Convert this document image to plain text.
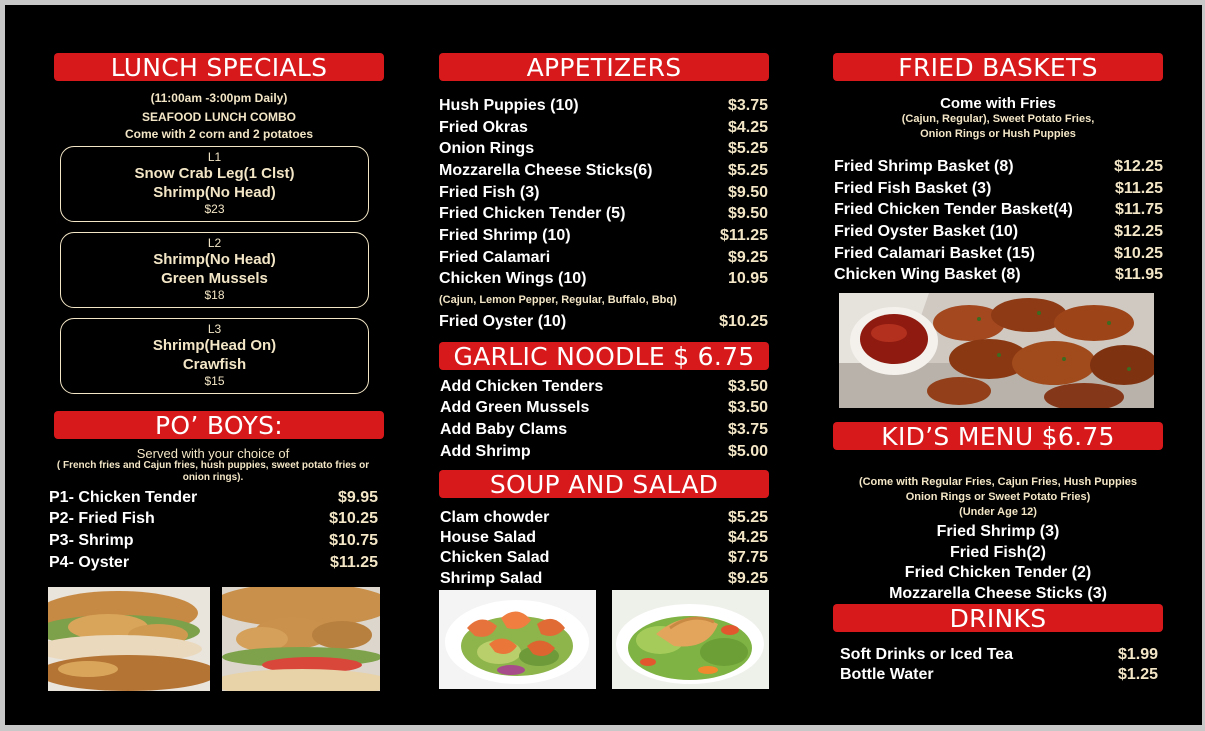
LUNCH SPECIALS
(11:00am -3:00pm Daily)
SEAFOOD LUNCH COMBO
Come with 2 corn and 2 potatoes
L1
Snow Crab Leg(1 Clst)
Shrimp(No Head)
$23
L2
Shrimp(No Head)
Green Mussels
$18
L3
Shrimp(Head On)
Crawfish
$15
PO’ BOYS:
Served with your choice of
( French fries and Cajun fries, hush puppies, sweet potato fries or
onion rings).
P1- Chicken Tender	$9.95
P2- Fried Fish	$10.25
P3- Shrimp	$10.75
P4- Oyster	$11.25
APPETIZERS
Hush Puppies (10)	$3.75
Fried Okras	$4.25
Onion Rings	$5.25
Mozzarella Cheese Sticks(6)	$5.25
Fried Fish (3)	$9.50
Fried Chicken Tender (5)	$9.50
Fried Shrimp (10)	$11.25
Fried Calamari	$9.25
Chicken Wings (10)	10.95
(Cajun, Lemon Pepper, Regular, Buffalo, Bbq)
Fried Oyster (10)	$10.25
GARLIC NOODLE $ 6.75
Add Chicken Tenders	$3.50
Add Green Mussels	$3.50
Add Baby Clams	$3.75
Add Shrimp	$5.00
SOUP AND SALAD
Clam chowder	$5.25
House Salad	$4.25
Chicken Salad	$7.75
Shrimp Salad	$9.25
FRIED BASKETS
Come with Fries
(Cajun, Regular), Sweet Potato Fries,
Onion Rings or Hush Puppies
Fried Shrimp Basket (8)	$12.25
Fried Fish Basket (3)	$11.25
Fried Chicken Tender Basket(4)	$11.75
Fried Oyster Basket (10)	$12.25
Fried Calamari Basket (15)	$10.25
Chicken Wing Basket (8)	$11.95
KID’S MENU $6.75
(Come with Regular Fries, Cajun Fries, Hush Puppies
Onion Rings or Sweet Potato Fries)
(Under Age 12)
Fried Shrimp (3)
Fried Fish(2)
Fried Chicken Tender (2)
Mozzarella Cheese Sticks (3)
DRINKS
Soft Drinks or Iced Tea	$1.99
Bottle Water	$1.25
